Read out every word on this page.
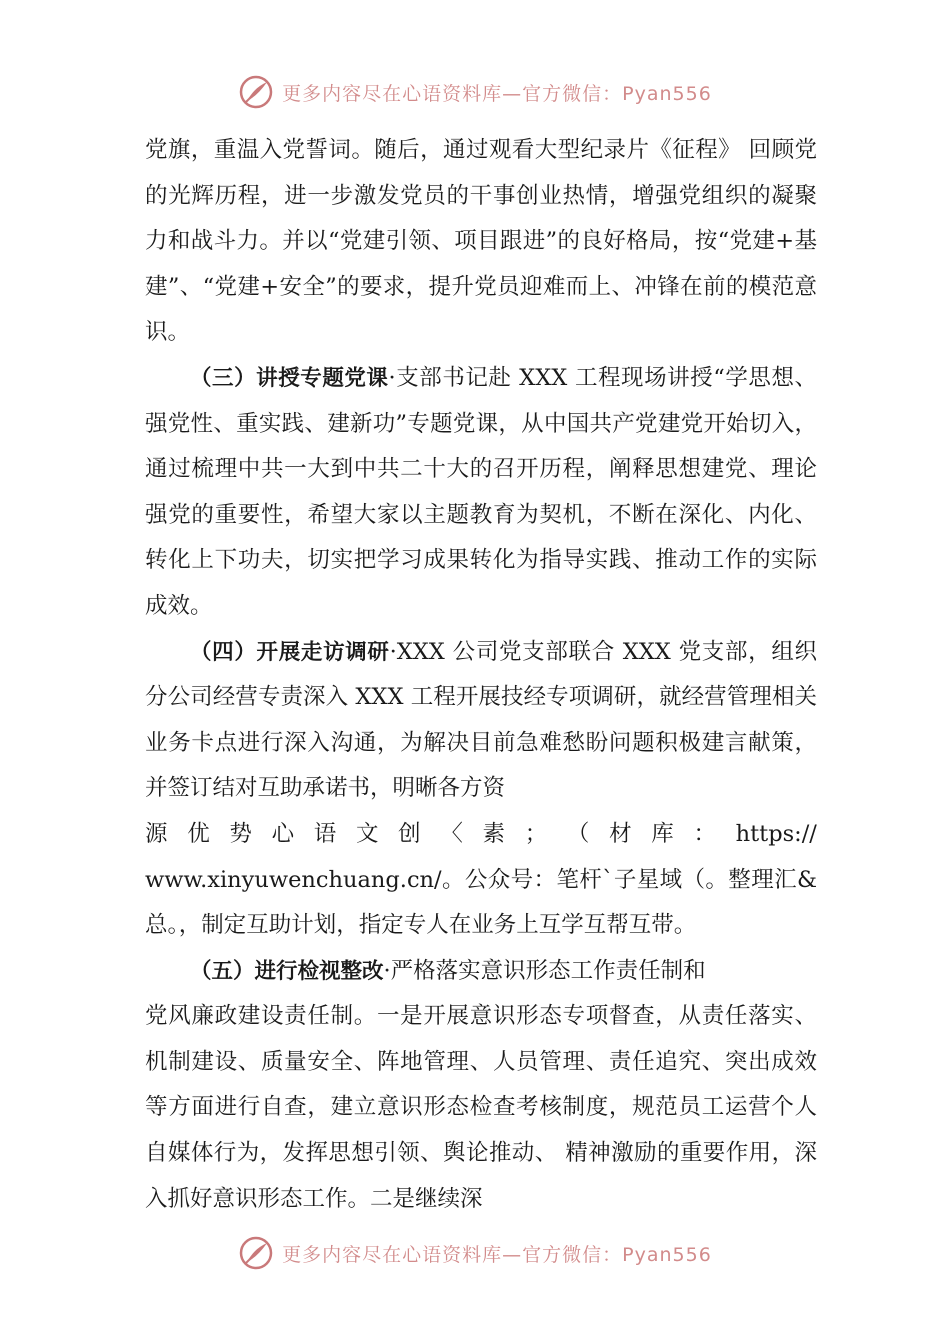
更多内容尽在心语资料库—官方微信：Pyan556

党旗，重温入党誓词。随后，通过观看大型纪录片《征程》 回顾党的光辉历程，进一步激发党员的干事创业热情，增强党组织的凝聚力和战斗力。并以“党建引领、项目跟进”的良好格局，按“党建+基建”、“党建+安全”的要求，提升党员迎难而上、冲锋在前的模范意识。

（三）讲授专题党课·支部书记赴 XXX 工程现场讲授“学思想、强党性、重实践、建新功”专题党课，从中国共产党建党开始切入，通过梳理中共一大到中共二十大的召开历程，阐释思想建党、理论强党的重要性，希望大家以主题教育为契机，不断在深化、内化、转化上下功夫，切实把学习成果转化为指导实践、推动工作的实际成效。

（四）开展走访调研·XXX 公司党支部联合 XXX 党支部，组织分公司经营专责深入 XXX 工程开展技经专项调研，就经营管理相关业务卡点进行深入沟通，为解决目前急难愁盼问题积极建言献策，并签订结对互助承诺书，明晰各方资

源 优 势 心 语 文 创 〈 素 ； （ 材 库 ： https://

www.xinyuwenchuang.cn/。公众号：笔杆`子星域（。整理汇&总。，制定互助计划，指定专人在业务上互学互帮互带。

（五）进行检视整改·严格落实意识形态工作责任制和

党风廉政建设责任制。一是开展意识形态专项督查，从责任落实、机制建设、质量安全、阵地管理、人员管理、责任追究、突出成效等方面进行自查，建立意识形态检查考核制度，规范员工运营个人自媒体行为，发挥思想引领、舆论推动、 精神激励的重要作用，深入抓好意识形态工作。二是继续深

更多内容尽在心语资料库—官方微信：Pyan556
